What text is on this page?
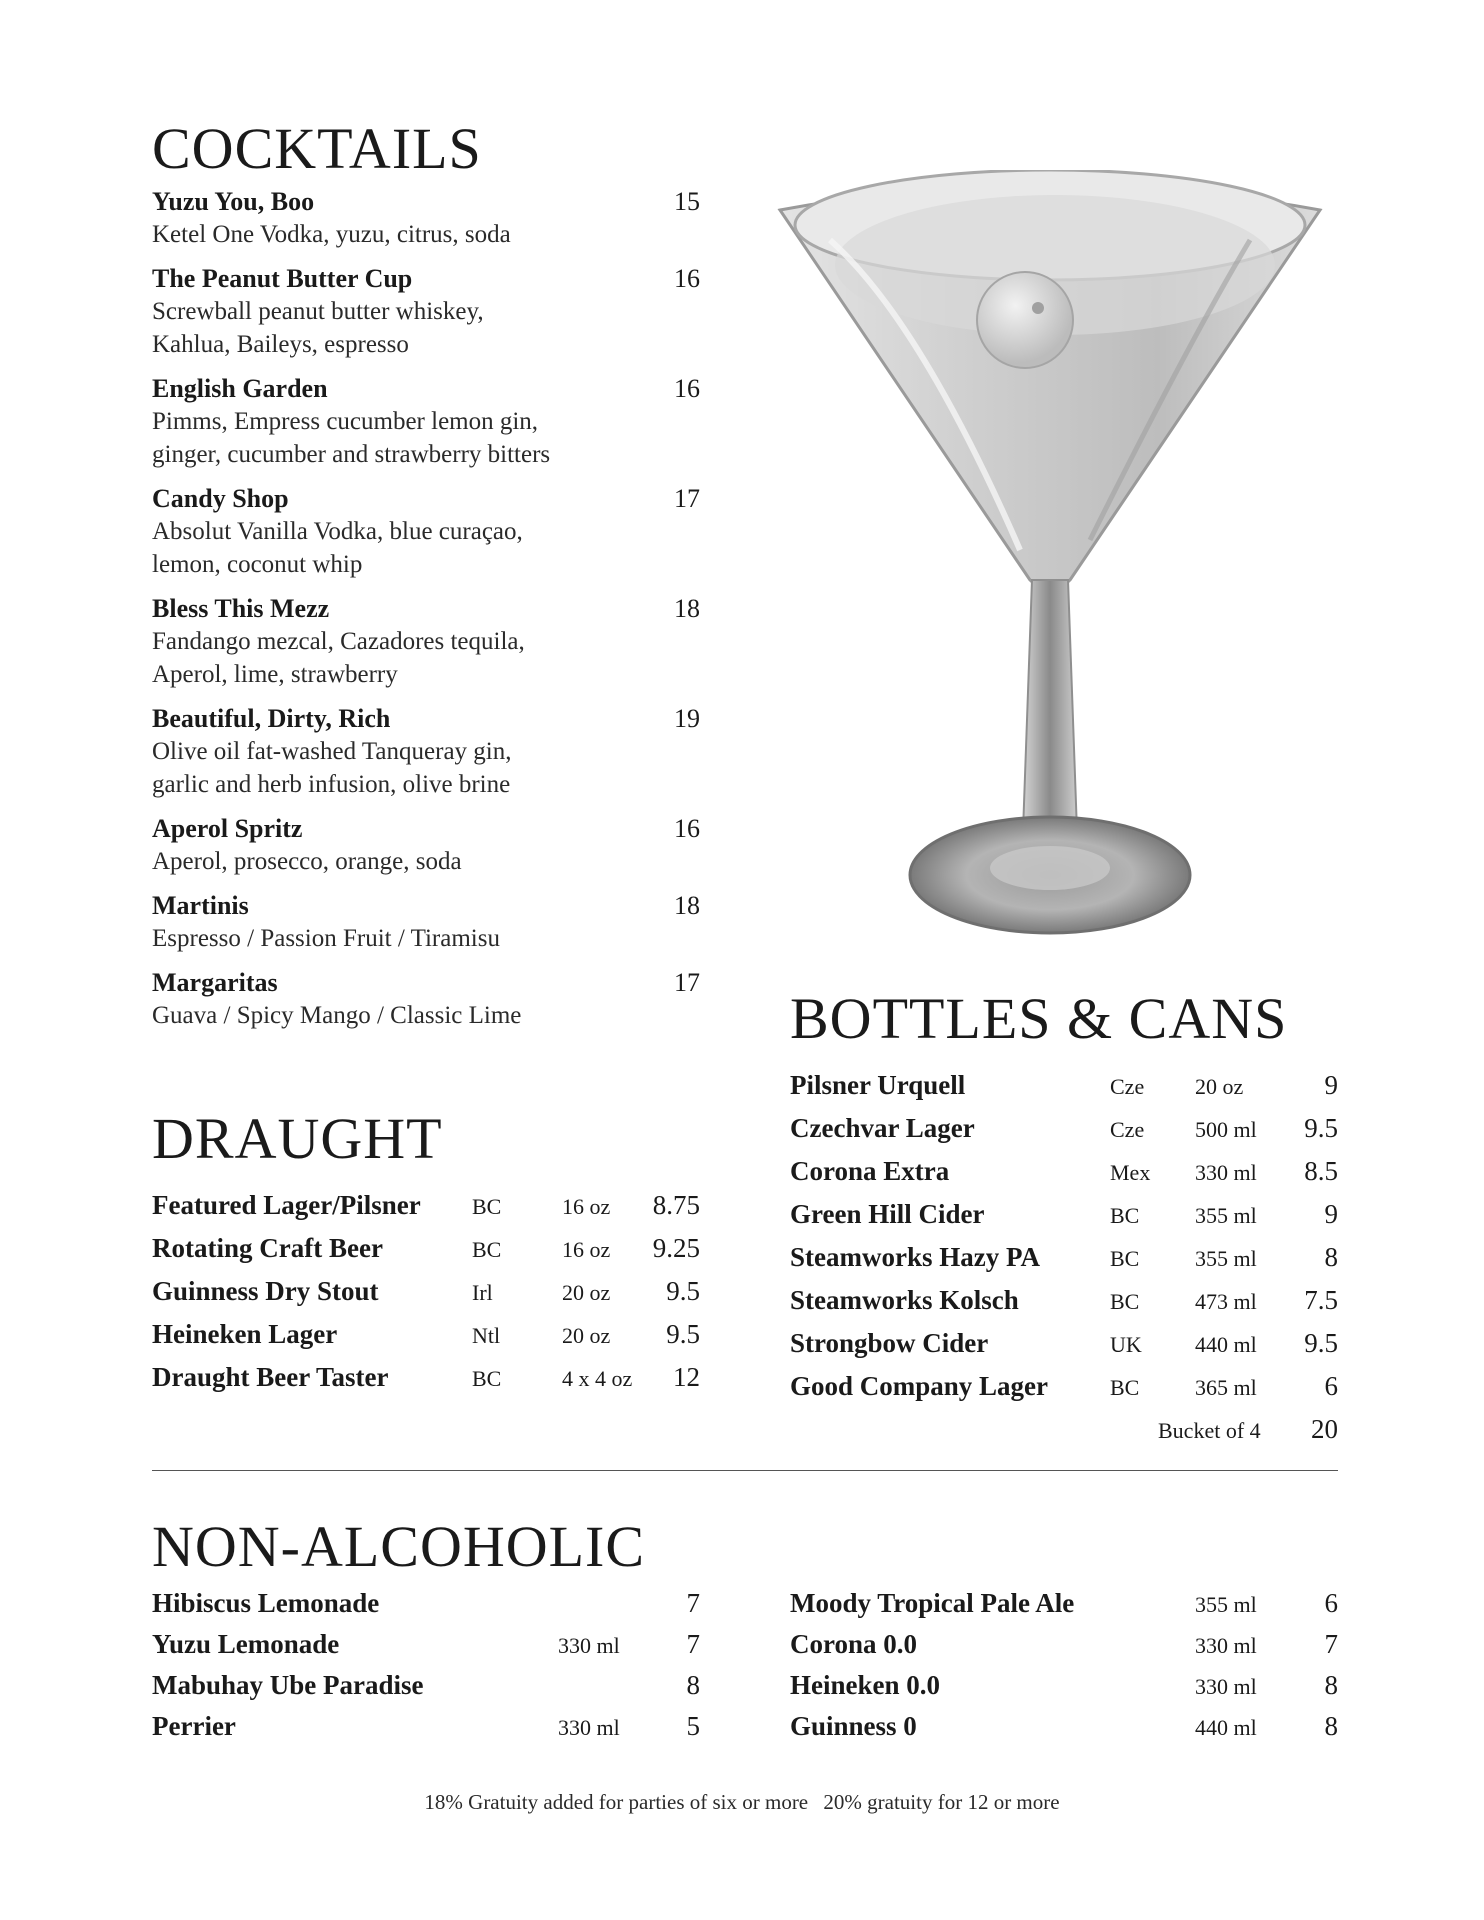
COCKTAILS
Yuzu You, Boo	15
Ketel One Vodka, yuzu, citrus, soda
The Peanut Butter Cup	16
Screwball peanut butter whiskey,
Kahlua, Baileys, espresso
English Garden	16
Pimms, Empress cucumber lemon gin,
ginger, cucumber and strawberry bitters
Candy Shop	17
Absolut Vanilla Vodka, blue curaçao,
lemon, coconut whip
Bless This Mezz	18
Fandango mezcal, Cazadores tequila,
Aperol, lime, strawberry
Beautiful, Dirty, Rich	19
Olive oil fat-washed Tanqueray gin,
garlic and herb infusion, olive brine
Aperol Spritz	16
Aperol, prosecco, orange, soda
Martinis	18
Espresso / Passion Fruit / Tiramisu
Margaritas	17
Guava / Spicy Mango / Classic Lime	BOTTLES & CANS
Pilsner Urquell	Cze 20 oz	9
Czechvar Lager	Cze 500 ml 9.5
Corona Extra	Mex 330 ml 8.5
Green Hill Cider	BC	355 ml	9
Steamworks Hazy PA	BC	355 ml	8
Steamworks Kolsch	BC	473 ml 7.5
Strongbow Cider	UK 440 ml 9.5
Good Company Lager	BC	365 ml	6
Bucket of 4 20
DRAUGHT
Featured Lager/Pilsner BC	16 oz 8.75
Rotating Craft Beer	BC	16 oz 9.25
Guinness Dry Stout	Irl	20 oz 9.5
Heineken Lager	Ntl	20 oz 9.5
Draught Beer Taster	BC	4 x 4 oz 12
NON-ALCOHOLIC
Hibiscus Lemonade	7
Yuzu Lemonade	330 ml 7
Mabuhay Ube Paradise	8
Perrier	330 ml 5
Moody Tropical Pale Ale	355 ml	6
Corona 0.0	330 ml	7
Heineken 0.0	330 ml	8
Guinness 0	440 ml	8
18% Gratuity added for parties of six or more 20% gratuity for 12 or more
